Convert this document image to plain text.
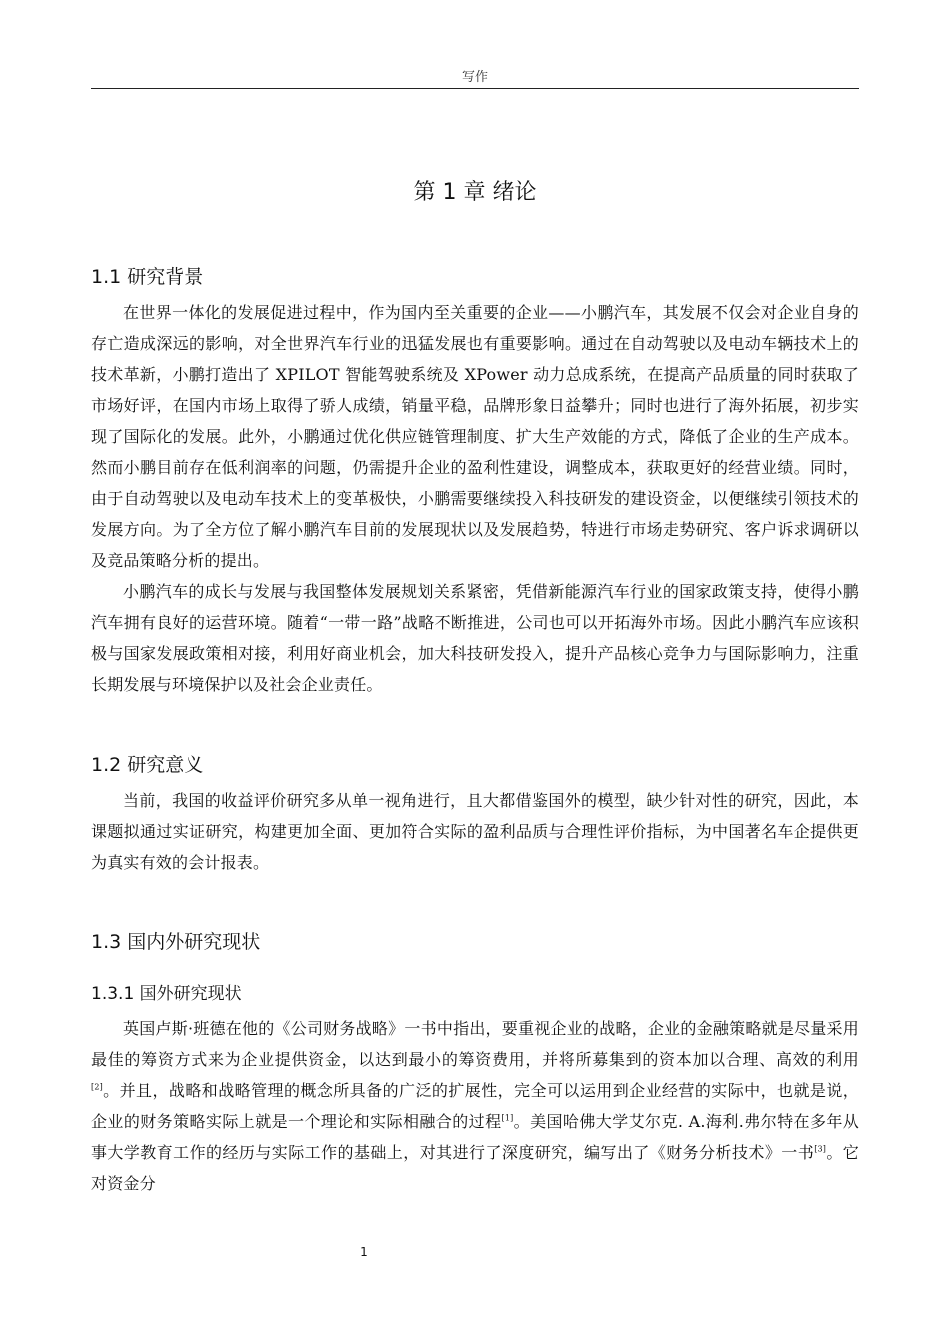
写作
第 1 章 绪论
1.1 研究背景

在世界一体化的发展促进过程中，作为国内至关重要的企业——小鹏汽车，其发展不仅会对企业自身的存亡造成深远的影响，对全世界汽车行业的迅猛发展也有重要影响。通过在自动驾驶以及电动车辆技术上的技术革新，小鹏打造出了 XPILOT 智能驾驶系统及 XPower 动力总成系统，在提高产品质量的同时获取了市场好评，在国内市场上取得了骄人成绩，销量平稳，品牌形象日益攀升；同时也进行了海外拓展，初步实现了国际化的发展。此外，小鹏通过优化供应链管理制度、扩大生产效能的方式，降低了企业的生产成本。然而小鹏目前存在低利润率的问题，仍需提升企业的盈利性建设，调整成本，获取更好的经营业绩。同时，由于自动驾驶以及电动车技术上的变革极快，小鹏需要继续投入科技研发的建设资金，以便继续引领技术的发展方向。为了全方位了解小鹏汽车目前的发展现状以及发展趋势，特进行市场走势研究、客户诉求调研以及竞品策略分析的提出。

小鹏汽车的成长与发展与我国整体发展规划关系紧密，凭借新能源汽车行业的国家政策支持，使得小鹏汽车拥有良好的运营环境。随着“一带一路”战略不断推进，公司也可以开拓海外市场。因此小鹏汽车应该积极与国家发展政策相对接，利用好商业机会，加大科技研发投入，提升产品核心竞争力与国际影响力，注重长期发展与环境保护以及社会企业责任。

1.2 研究意义

当前，我国的收益评价研究多从单一视角进行，且大都借鉴国外的模型，缺少针对性的研究，因此，本课题拟通过实证研究，构建更加全面、更加符合实际的盈利品质与合理性评价指标，为中国著名车企提供更为真实有效的会计报表。

1.3 国内外研究现状
1.3.1 国外研究现状

英国卢斯·班德在他的《公司财务战略》一书中指出，要重视企业的战略，企业的金融策略就是尽量采用最佳的筹资方式来为企业提供资金，以达到最小的筹资费用，并将所募集到的资本加以合理、高效的利用[2]。并且，战略和战略管理的概念所具备的广泛的扩展性，完全可以运用到企业经营的实际中，也就是说，企业的财务策略实际上就是一个理论和实际相融合的过程[1]。美国哈佛大学艾尔克. A.海利.弗尔特在多年从事大学教育工作的经历与实际工作的基础上，对其进行了深度研究，编写出了《财务分析技术》一书[3]。它对资金分

1
